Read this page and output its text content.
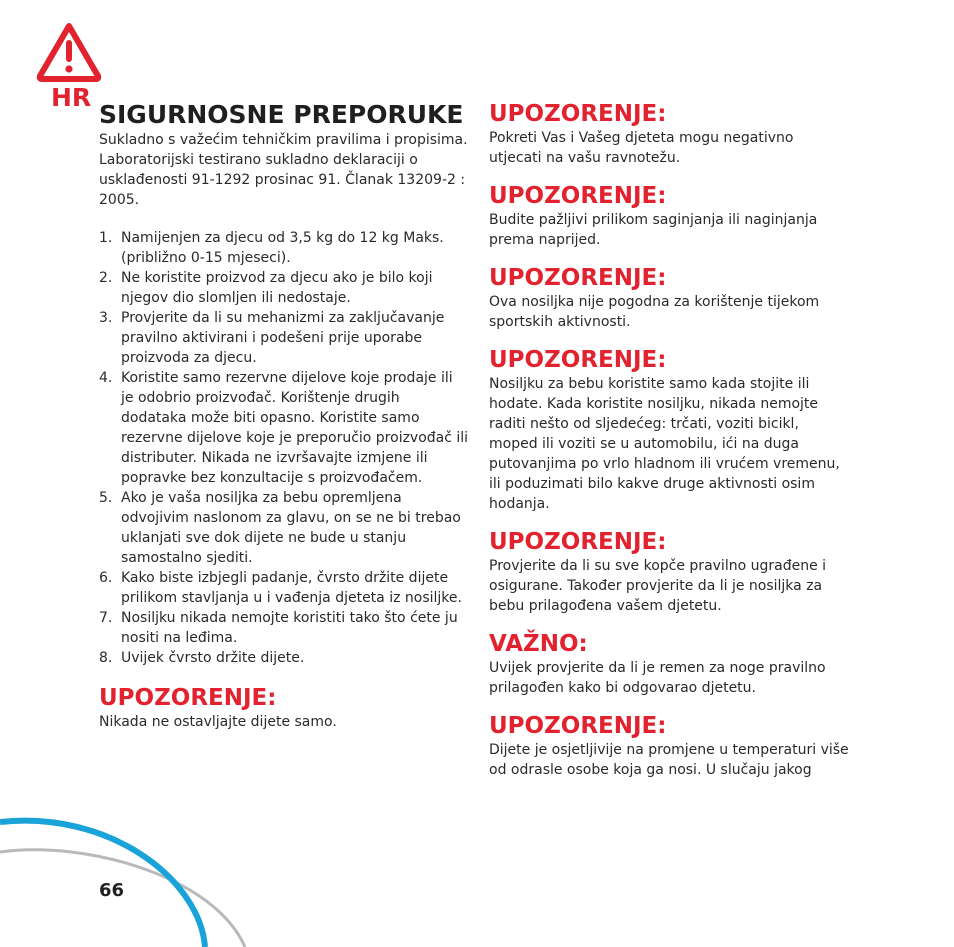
HR
SIGURNOSNE PREPORUKE

Sukladno s važećim tehničkim pravilima i propisima. Laboratorijski testirano sukladno deklaraciji o usklađenosti 91-1292 prosinac 91. Članak 13209-2 : 2005.

1. Namijenjen za djecu od 3,5 kg do 12 kg Maks. (približno 0-15 mjeseci).
2. Ne koristite proizvod za djecu ako je bilo koji njegov dio slomljen ili nedostaje.
3. Provjerite da li su mehanizmi za zaključavanje pravilno aktivirani i podešeni prije uporabe proizvoda za djecu.
4. Koristite samo rezervne dijelove koje prodaje ili je odobrio proizvođač. Korištenje drugih dodataka može biti opasno. Koristite samo rezervne dijelove koje je preporučio proizvođač ili distributer. Nikada ne izvršavajte izmjene ili popravke bez konzultacije s proizvođačem.
5. Ako je vaša nosiljka za bebu opremljena odvojivim naslonom za glavu, on se ne bi trebao uklanjati sve dok dijete ne bude u stanju samostalno sjediti.
6. Kako biste izbjegli padanje, čvrsto držite dijete prilikom stavljanja u i vađenja djeteta iz nosiljke.
7. Nosiljku nikada nemojte koristiti tako što ćete ju nositi na leđima.
8. Uvijek čvrsto držite dijete.
UPOZORENJE:

Nikada ne ostavljajte dijete samo.

UPOZORENJE:

Pokreti Vas i Vašeg djeteta mogu negativno utjecati na vašu ravnotežu.

UPOZORENJE:

Budite pažljivi prilikom saginjanja ili naginjanja prema naprijed.

UPOZORENJE:

Ova nosiljka nije pogodna za korištenje tijekom sportskih aktivnosti.

UPOZORENJE:

Nosiljku za bebu koristite samo kada stojite ili hodate. Kada koristite nosiljku, nikada nemojte raditi nešto od sljedećeg: trčati, voziti bicikl, moped ili voziti se u automobilu, ići na duga putovanjima po vrlo hladnom ili vrućem vremenu, ili poduzimati bilo kakve druge aktivnosti osim hodanja.

UPOZORENJE:

Provjerite da li su sve kopče pravilno ugrađene i osigurane. Također provjerite da li je nosiljka za bebu prilagođena vašem djetetu.

VAŽNO:

Uvijek provjerite da li je remen za noge pravilno prilagođen kako bi odgovarao djetetu.

UPOZORENJE:

Dijete je osjetljivije na promjene u temperaturi više od odrasle osobe koja ga nosi. U slučaju jakog

66
